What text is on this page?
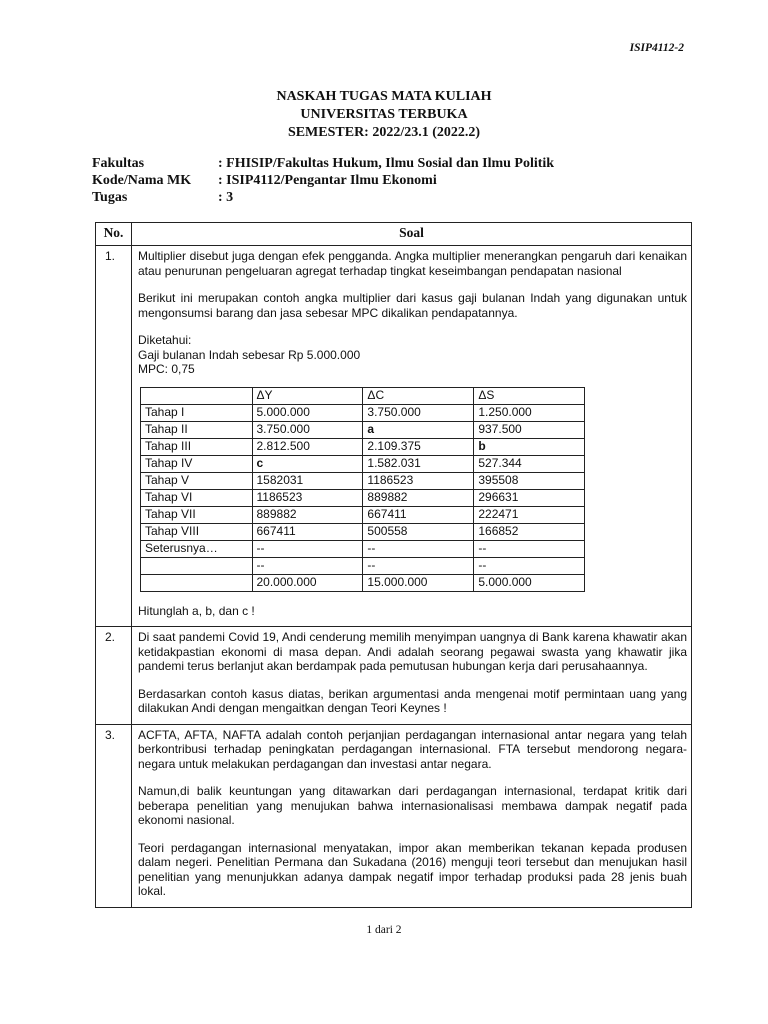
ISIP4112-2
NASKAH TUGAS MATA KULIAH
UNIVERSITAS TERBUKA
SEMESTER: 2022/23.1 (2022.2)
Fakultas	: FHISIP/Fakultas Hukum, Ilmu Sosial dan Ilmu Politik
Kode/Nama MK	: ISIP4112/Pengantar Ilmu Ekonomi
Tugas	: 3
No.	Soal
1.	Multiplier disebut juga dengan efek pengganda. Angka multiplier menerangkan pengaruh dari kenaikan atau penurunan pengeluaran agregat terhadap tingkat keseimbangan pendapatan nasional

Berikut ini merupakan contoh angka multiplier dari kasus gaji bulanan Indah yang digunakan untuk mengonsumsi barang dan jasa sebesar MPC dikalikan pendapatannya.

Diketahui:

Gaji bulanan Indah sebesar Rp 5.000.000

MPC: 0,75

	ΔY	ΔC	ΔS
Tahap I	5.000.000	3.750.000	1.250.000
Tahap II	3.750.000	a	937.500
Tahap III	2.812.500	2.109.375	b
Tahap IV	c	1.582.031	527.344
Tahap V	1582031	1186523	395508
Tahap VI	1186523	889882	296631
Tahap VII	889882	667411	222471
Tahap VIII	667411	500558	166852
Seterusnya…	--	--	--
	--	--	--
	20.000.000	15.000.000	5.000.000

Hitunglah a, b, dan c !

2.	Di saat pandemi Covid 19, Andi cenderung memilih menyimpan uangnya di Bank karena khawatir akan ketidakpastian ekonomi di masa depan. Andi adalah seorang pegawai swasta yang khawatir jika pandemi terus berlanjut akan berdampak pada pemutusan hubungan kerja dari perusahaannya.

Berdasarkan contoh kasus diatas, berikan argumentasi anda mengenai motif permintaan uang yang dilakukan Andi dengan mengaitkan dengan Teori Keynes !

3.	ACFTA, AFTA, NAFTA adalah contoh perjanjian perdagangan internasional antar negara yang telah berkontribusi terhadap peningkatan perdagangan internasional. FTA tersebut mendorong negara-negara untuk melakukan perdagangan dan investasi antar negara.

Namun,di balik keuntungan yang ditawarkan dari perdagangan internasional, terdapat kritik dari beberapa penelitian yang menujukan bahwa internasionalisasi membawa dampak negatif pada ekonomi nasional.

Teori perdagangan internasional menyatakan, impor akan memberikan tekanan kepada produsen dalam negeri. Penelitian Permana dan Sukadana (2016) menguji teori tersebut dan menujukan hasil penelitian yang menunjukkan adanya dampak negatif impor terhadap produksi pada 28 jenis buah lokal.

1 dari 2
